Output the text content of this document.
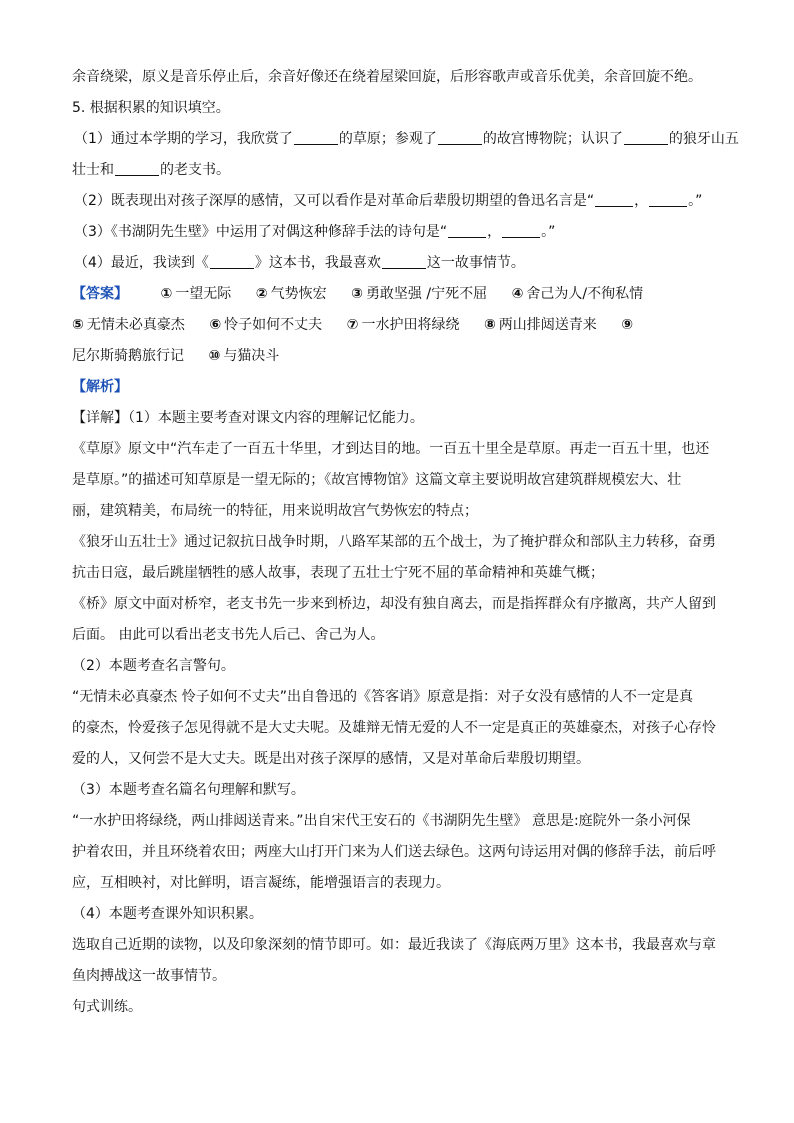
余音绕梁，原义是音乐停止后，余音好像还在绕着屋梁回旋，后形容歌声或音乐优美，余音回旋不绝。

5. 根据积累的知识填空。

（1）通过本学期的学习，我欣赏了	的草原；参观了	的故宫博物院；认识了	的狼牙山五

壮士和	的老支书。

（2）既表现出对孩子深厚的感情，又可以看作是对革命后辈殷切期望的鲁迅名言是“	，	。”

（3）《书湖阴先生壁》中运用了对偶这种修辞手法的诗句是“	，	。”

（4）最近，我读到《	》这本书，我最喜欢	这一故事情节。

【答案】 ① 一望无际 ② 气势恢宏 ③ 勇敢坚强 /宁死不屈 ④ 舍己为人/不徇私情

⑤ 无情未必真豪杰 ⑥ 怜子如何不丈夫 ⑦ 一水护田将绿绕 ⑧ 两山排闼送青来 ⑨

尼尔斯骑鹅旅行记 ⑩ 与猫决斗

【解析】

【详解】（1）本题主要考查对课文内容的理解记忆能力。

《草原》原文中“汽车走了一百五十华里，才到达目的地。一百五十里全是草原。再走一百五十里，也还

是草原。”的描述可知草原是一望无际的；《故宫博物馆》这篇文章主要说明故宫建筑群规模宏大、壮

丽，建筑精美，布局统一的特征，用来说明故宫气势恢宏的特点；

《狼牙山五壮士》通过记叙抗日战争时期，八路军某部的五个战士，为了掩护群众和部队主力转移，奋勇

抗击日寇，最后跳崖牺牲的感人故事，表现了五壮士宁死不屈的革命精神和英雄气概；

《桥》原文中面对桥窄，老支书先一步来到桥边，却没有独自离去，而是指挥群众有序撤离，共产人留到

后面。 由此可以看出老支书先人后己、舍己为人。

（2）本题考查名言警句。

“无情未必真豪杰 怜子如何不丈夫”出自鲁迅的《答客诮》原意是指：对子女没有感情的人不一定是真

的豪杰，怜爱孩子怎见得就不是大丈夫呢。及雄辩无情无爱的人不一定是真正的英雄豪杰，对孩子心存怜

爱的人，又何尝不是大丈夫。既是出对孩子深厚的感情，又是对革命后辈殷切期望。

（3）本题考查名篇名句理解和默写。

“一水护田将绿绕，两山排闼送青来。”出自宋代王安石的《书湖阴先生壁》 意思是:庭院外一条小河保

护着农田，并且环绕着农田；两座大山打开门来为人们送去绿色。这两句诗运用对偶的修辞手法，前后呼

应，互相映衬，对比鲜明，语言凝练，能增强语言的表现力。

（4）本题考查课外知识积累。

选取自己近期的读物，以及印象深刻的情节即可。如：最近我读了《海底两万里》这本书，我最喜欢与章

鱼肉搏战这一故事情节。

句式训练。
